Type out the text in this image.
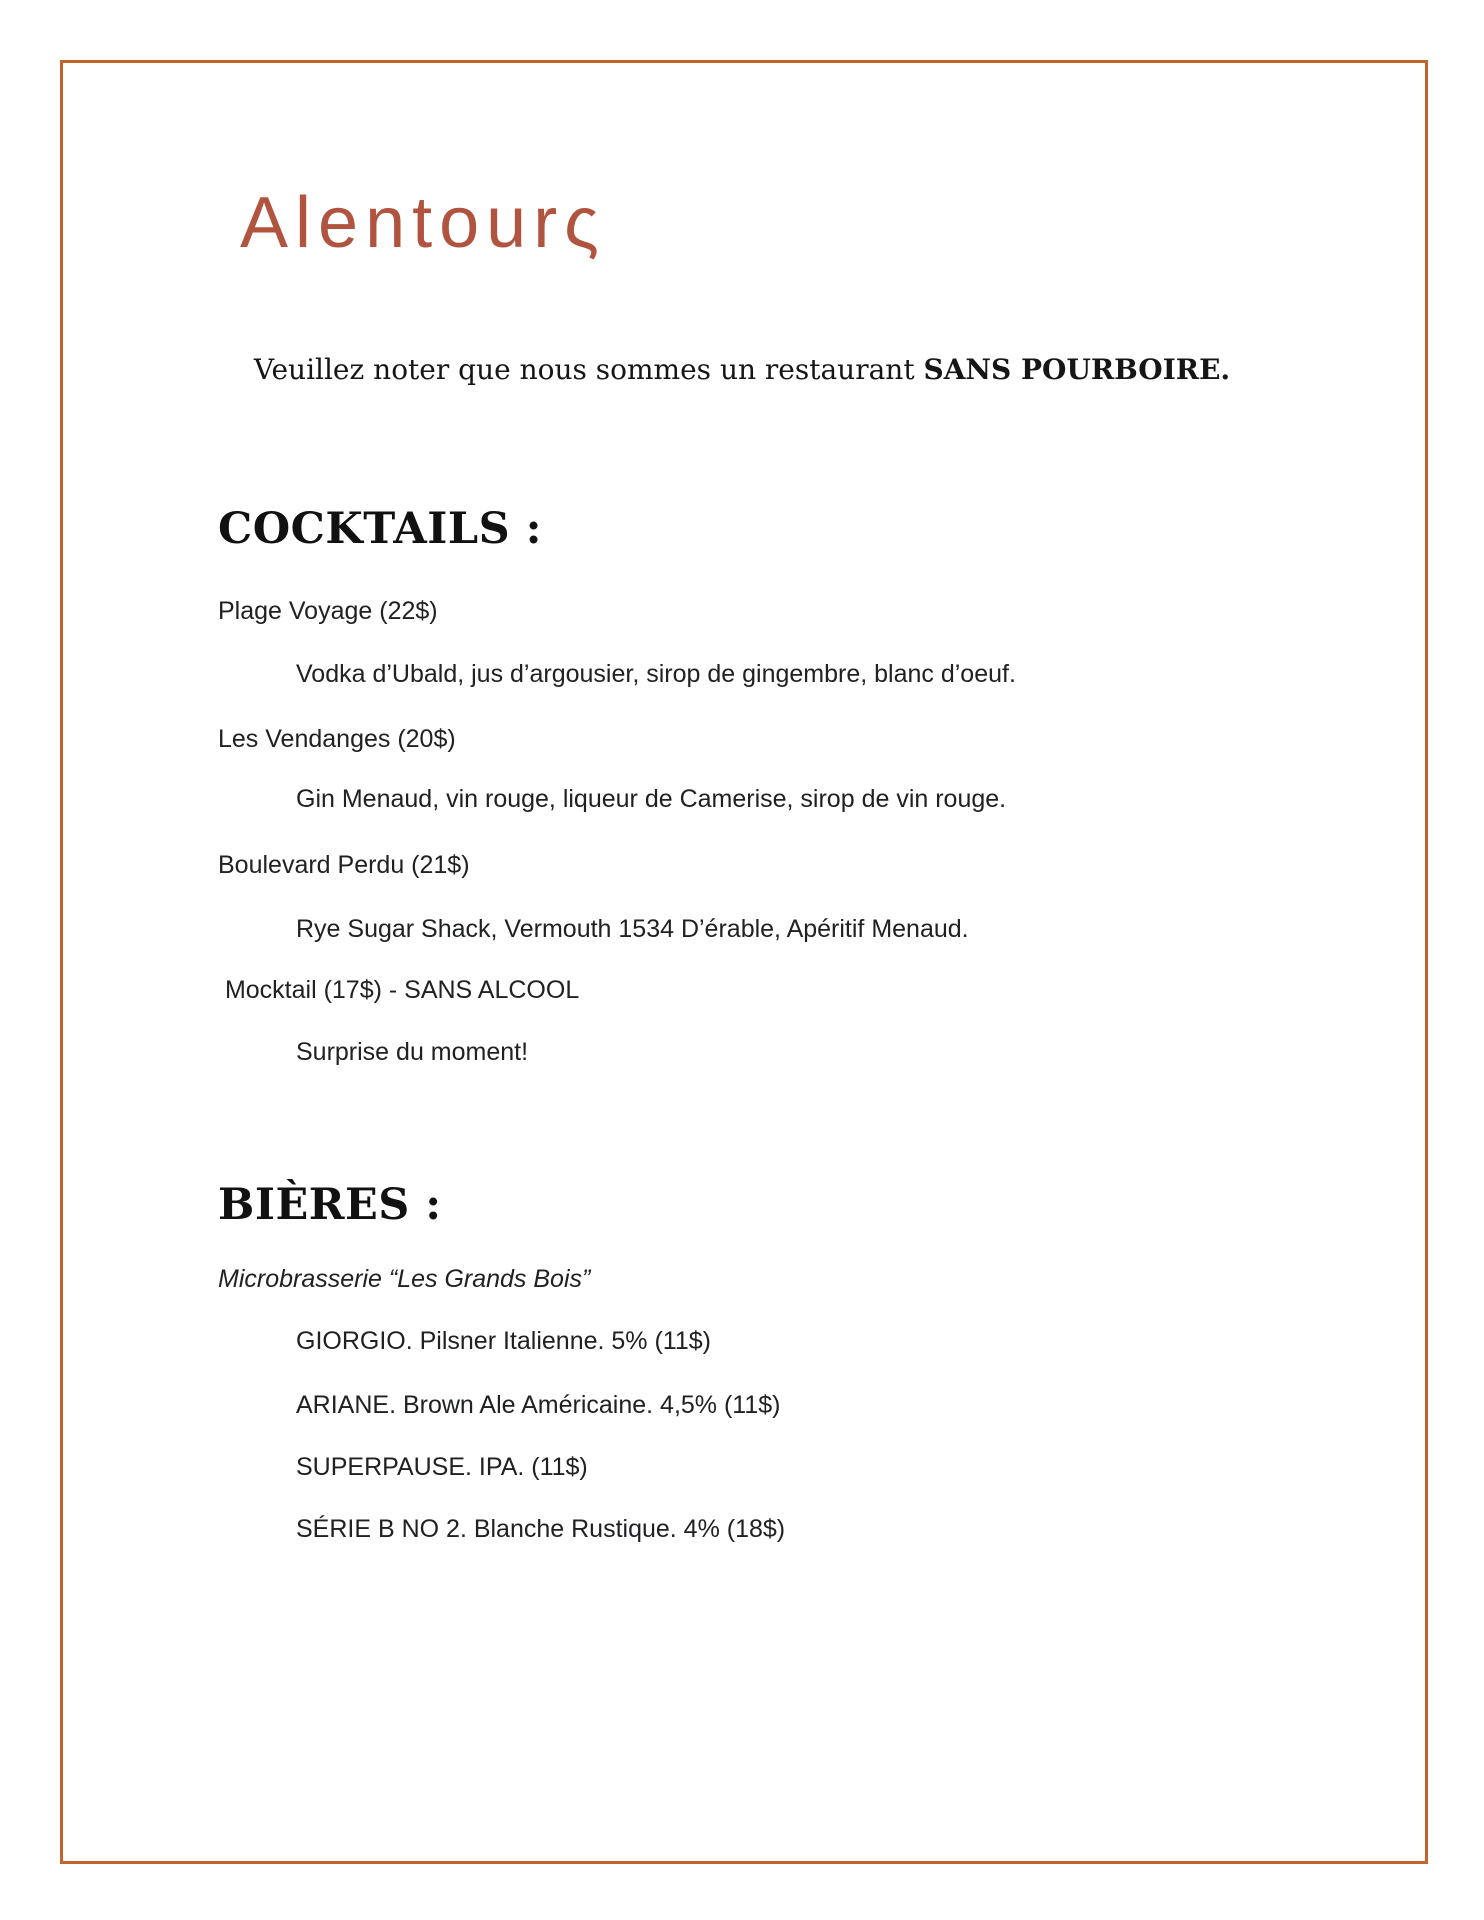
Alentourς

Veuillez noter que nous sommes un restaurant SANS POURBOIRE.

COCKTAILS :

Plage Voyage (22$)

Vodka d’Ubald, jus d’argousier, sirop de gingembre, blanc d’oeuf.

Les Vendanges (20$)

Gin Menaud, vin rouge, liqueur de Camerise, sirop de vin rouge.

Boulevard Perdu (21$)

Rye Sugar Shack, Vermouth 1534 D’érable, Apéritif Menaud.

Mocktail (17$) - SANS ALCOOL

Surprise du moment!

BIÈRES :

Microbrasserie “Les Grands Bois”

GIORGIO. Pilsner Italienne. 5% (11$)

ARIANE. Brown Ale Américaine. 4,5% (11$)

SUPERPAUSE. IPA. (11$)

SÉRIE B NO 2. Blanche Rustique. 4% (18$)
